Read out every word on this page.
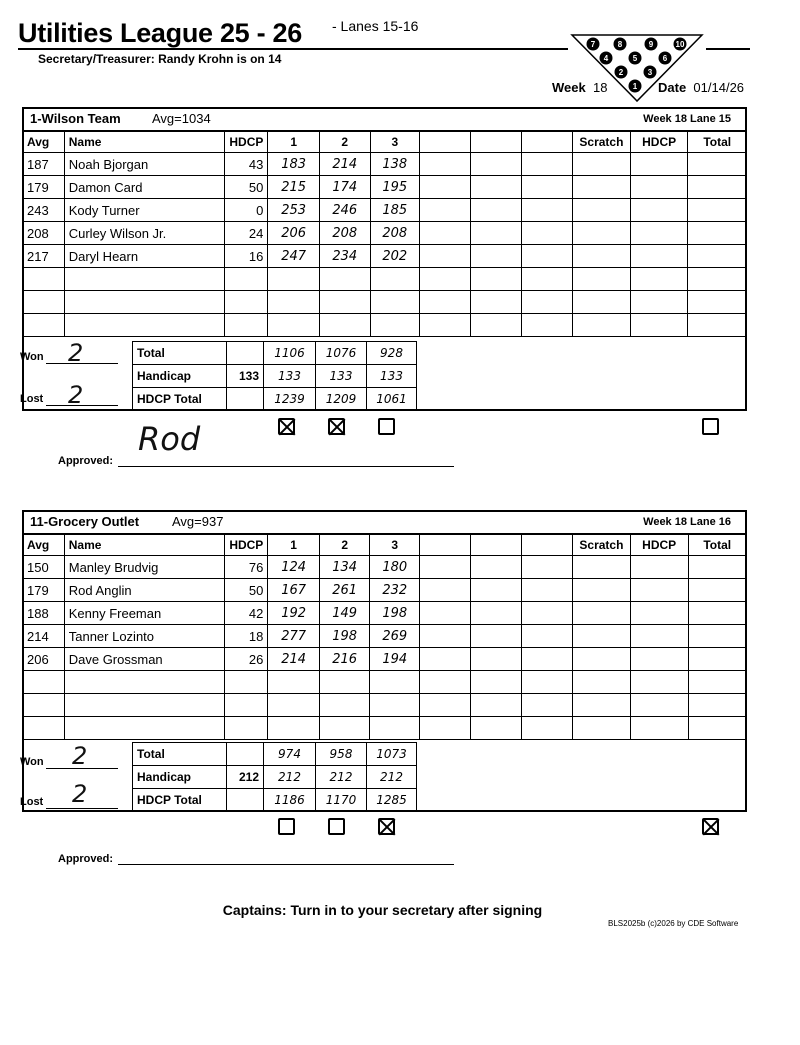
Utilities League 25 - 26 - Lanes 15-16
Secretary/Treasurer: Randy Krohn is on 14
7	8	9	10
4	5	6
2	3
1
Week 18	Date 01/14/26
1-Wilson Team Avg=1034	Week 18 Lane 15
Avg	Name	HDCP	1	2	3				Scratch	HDCP	Total
187	Noah Bjorgan	43	183	214	138						
179	Damon Card	50	215	174	195						
243	Kody Turner	0	253	246	185						
208	Curley Wilson Jr.	24	206	208	208						
217	Daryl Hearn	16	247	234	202						

Won 2
Lost 2
Total		1106	1076	928
Handicap	133	133	133	133
HDCP Total		1239	1209	1061
Approved:
Rod
11-Grocery Outlet	Avg=937	Week 18 Lane 16
Avg	Name	HDCP	1	2	3				Scratch	HDCP	Total
150	Manley Brudvig	76	124	134	180						
179	Rod Anglin	50	167	261	232						
188	Kenny Freeman	42	192	149	198						
214	Tanner Lozinto	18	277	198	269						
206	Dave Grossman	26	214	216	194						

Won 2
Lost 2
Total		974	958	1073
Handicap	212	212	212	212
HDCP Total		1186	1170	1285
Approved:
Captains: Turn in to your secretary after signing
BLS2025b (c)2026 by CDE Software
